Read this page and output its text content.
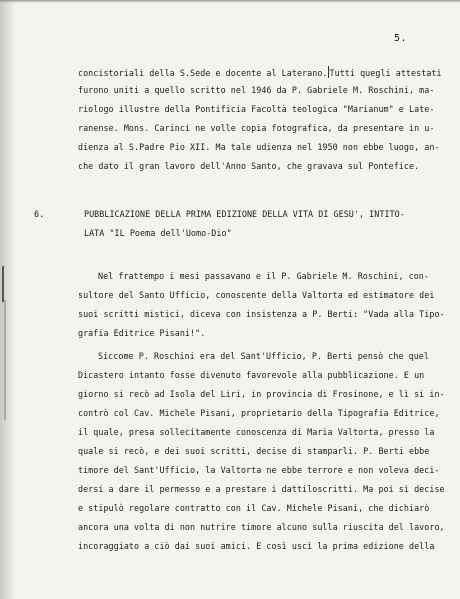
5.
concistoriali della S.Sede e docente al Laterano. Tutti quegli attestati
furono uniti a quello scritto nel 1946 da P. Gabriele M. Roschini, ma-
riologo illustre della Pontificia Facoltà teologica "Marianum" e Late-
ranense. Mons. Carinci ne volle copia fotografica, da presentare in u-
dienza al S.Padre Pio XII. Ma tale udienza nel 1950 non ebbe luogo, an-
che dato il gran lavoro dell'Anno Santo, che gravava sul Pontefice.
6.	PUBBLICAZIONE DELLA PRIMA EDIZIONE DELLA VITA DI GESU', INTITO-
LATA "IL Poema dell'Uomo-Dio"
Nel frattempo i mesi passavano e il P. Gabriele M. Roschini, con-
sultore del Santo Ufficio, conoscente della Valtorta ed estimatore dei
suoi scritti mistici, diceva con insistenza a P. Berti: "Vada alla Tipo-
grafia Editrice Pisani!".
Siccome P. Roschini era del Sant'Ufficio, P. Berti pensò che quel
Dicastero intanto fosse divenuto favorevole alla pubblicazione. E un
giorno si recò ad Isola del Liri, in provincia di Frosinone, e lì si in-
contrò col Cav. Michele Pisani, proprietario della Tipografia Editrice,
il quale, presa sollecitamente conoscenza di Maria Valtorta, presso la
quale si recò, e dei suoi scritti, decise di stamparli. P. Berti ebbe
timore del Sant'Ufficio, la Valtorta ne ebbe terrore e non voleva deci-
dersi a dare il permesso e a prestare i dattiloscritti. Ma poi si decise
e stipulò regolare contratto con il Cav. Michele Pisani, che dichiarò
ancora una volta di non nutrire timore alcuno sulla riuscita del lavoro,
incoraggiato a ciò dai suoi amici. E così uscì la prima edizione della
